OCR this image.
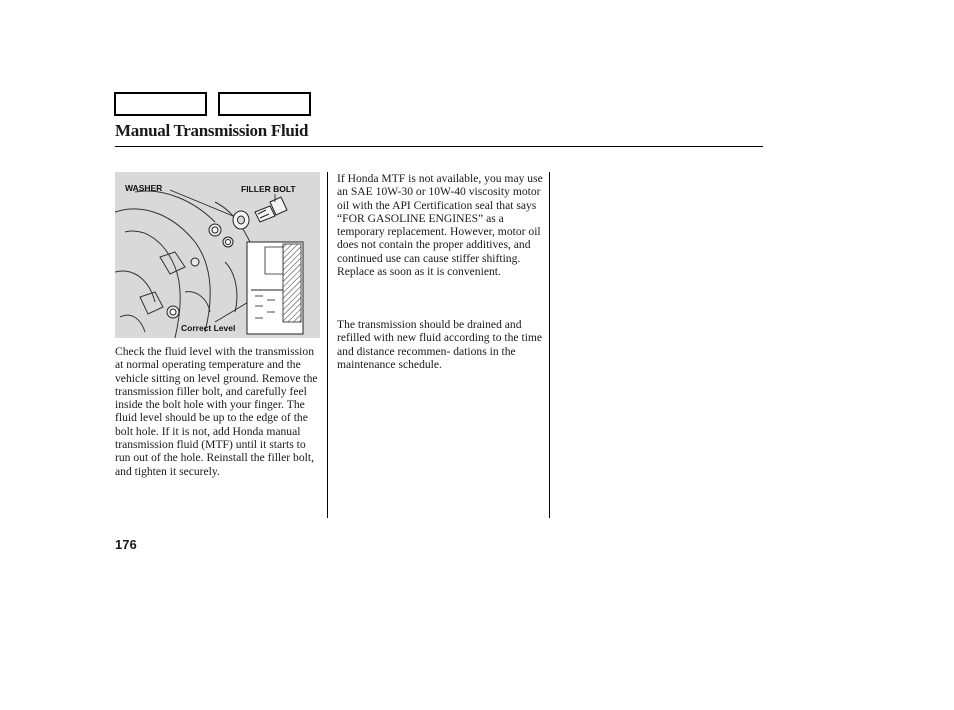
Manual Transmission Fluid
WASHER	FILLER BOLT
Correct Level

Check the fluid level with the transmission at normal operating temperature and the vehicle sitting on level ground. Remove the transmission filler bolt, and carefully feel inside the bolt hole with your finger. The fluid level should be up to the edge of the bolt hole. If it is not, add Honda manual transmission fluid (MTF) until it starts to run out of the hole. Reinstall the filler bolt, and tighten it securely.

If Honda MTF is not available, you may use an SAE 10W-30 or 10W-40 viscosity motor oil with the API Certification seal that says “FOR GASOLINE ENGINES” as a temporary replacement. However, motor oil does not contain the proper additives, and continued use can cause stiffer shifting. Replace as soon as it is convenient.

The transmission should be drained and refilled with new fluid according to the time and distance recommen- dations in the maintenance schedule.

176
